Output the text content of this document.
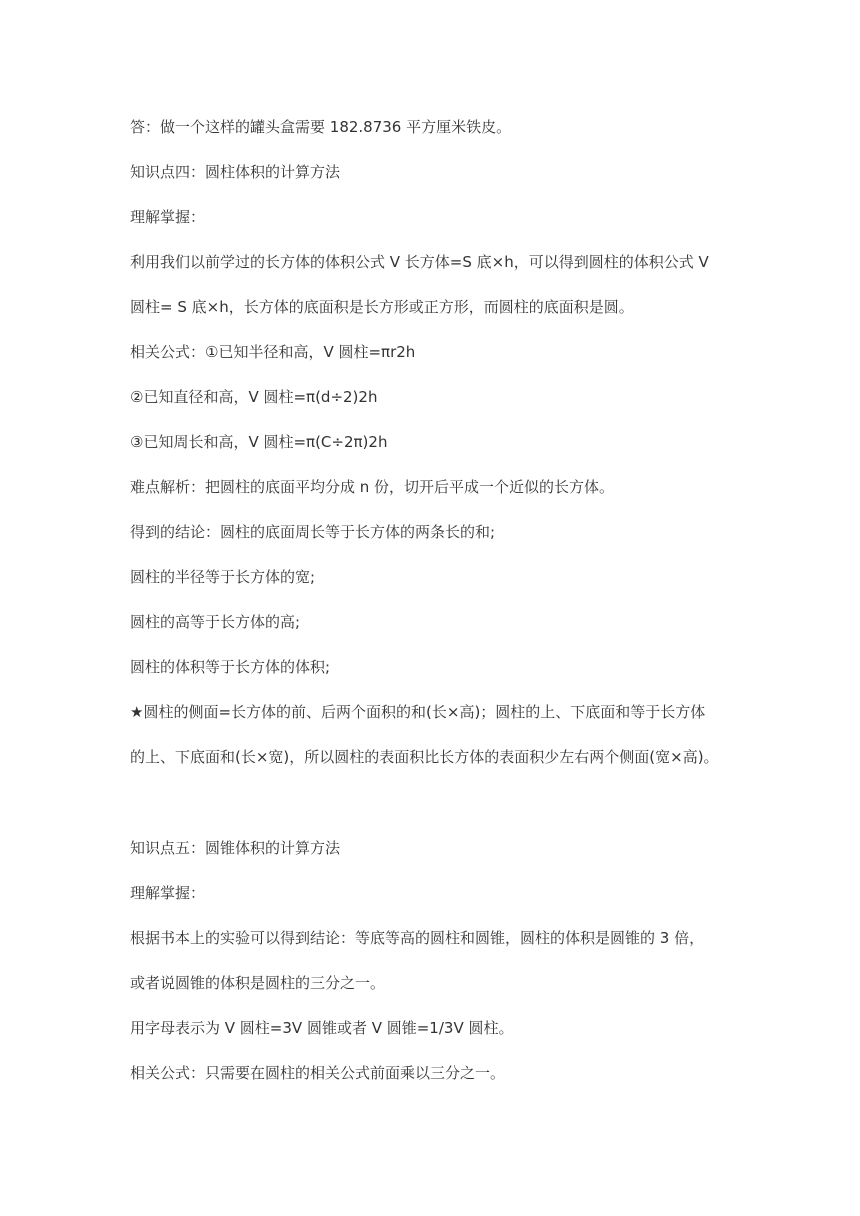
答：做一个这样的罐头盒需要 182.8736 平方厘米铁皮。
知识点四：圆柱体积的计算方法
理解掌握：
利用我们以前学过的长方体的体积公式 V 长方体=S 底×h，可以得到圆柱的体积公式 V
圆柱= S 底×h，长方体的底面积是长方形或正方形，而圆柱的底面积是圆。
相关公式：①已知半径和高，V 圆柱=πr2h
②已知直径和高，V 圆柱=π(d÷2)2h
③已知周长和高，V 圆柱=π(C÷2π)2h
难点解析：把圆柱的底面平均分成 n 份，切开后平成一个近似的长方体。
得到的结论：圆柱的底面周长等于长方体的两条长的和;
圆柱的半径等于长方体的宽;
圆柱的高等于长方体的高;
圆柱的体积等于长方体的体积;
★圆柱的侧面=长方体的前、后两个面积的和(长×高)；圆柱的上、下底面和等于长方体
的上、下底面和(长×宽)，所以圆柱的表面积比长方体的表面积少左右两个侧面(宽×高)。
知识点五：圆锥体积的计算方法
理解掌握：
根据书本上的实验可以得到结论：等底等高的圆柱和圆锥，圆柱的体积是圆锥的 3 倍，
或者说圆锥的体积是圆柱的三分之一。
用字母表示为 V 圆柱=3V 圆锥或者 V 圆锥=1/3V 圆柱。
相关公式：只需要在圆柱的相关公式前面乘以三分之一。
